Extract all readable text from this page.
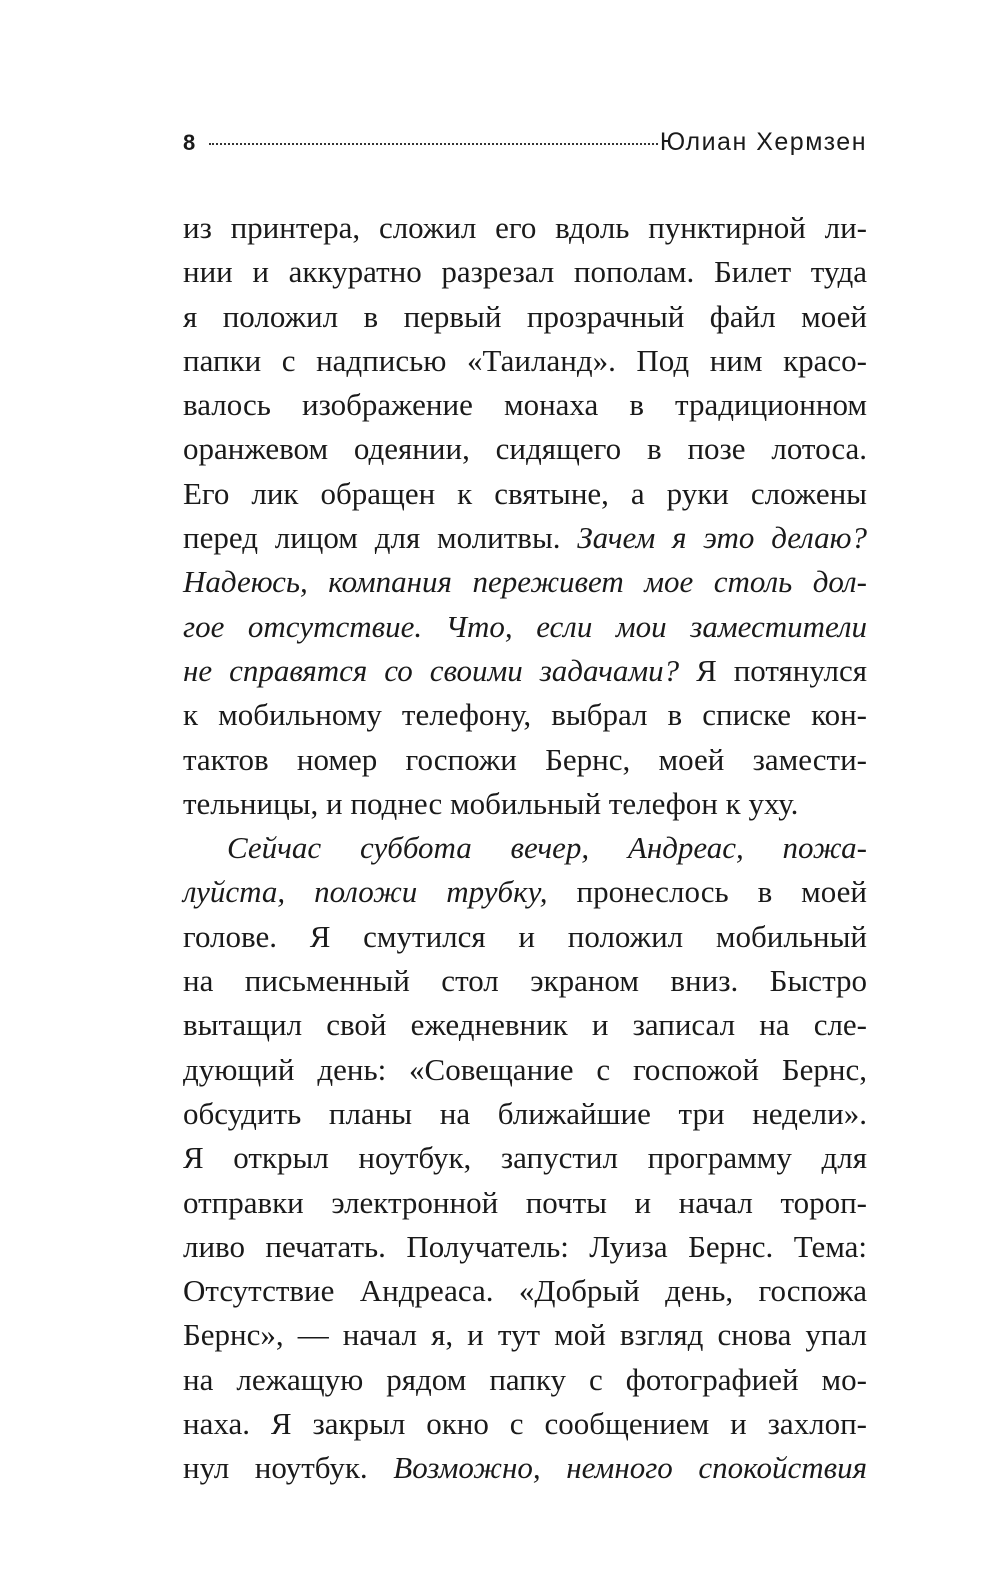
8	Юлиан Хермзен
из принтера, сложил его вдоль пунктирной ли-
нии и аккуратно разрезал пополам. Билет туда
я положил в первый прозрачный файл моей
папки с надписью «Таиланд». Под ним красо-
валось изображение монаха в традиционном
оранжевом одеянии, сидящего в позе лотоса.
Его лик обращен к святыне, а руки сложены
перед лицом для молитвы. Зачем я это делаю?
Надеюсь, компания переживет мое столь дол-
гое отсутствие. Что, если мои заместители
не справятся со своими задачами? Я потянулся
к мобильному телефону, выбрал в списке кон-
тактов номер госпожи Бернс, моей замести-
тельницы, и поднес мобильный телефон к уху.
Сейчас суббота вечер, Андреас, пожа-
луйста, положи трубку, пронеслось в моей
голове. Я смутился и положил мобильный
на письменный стол экраном вниз. Быстро
вытащил свой ежедневник и записал на сле-
дующий день: «Совещание с госпожой Бернс,
обсудить планы на ближайшие три недели».
Я открыл ноутбук, запустил программу для
отправки электронной почты и начал тороп-
ливо печатать. Получатель: Луиза Бернс. Тема:
Отсутствие Андреаса. «Добрый день, госпожа
Бернс», — начал я, и тут мой взгляд снова упал
на лежащую рядом папку с фотографией мо-
наха. Я закрыл окно с сообщением и захлоп-
нул ноутбук. Возможно, немного спокойствия
